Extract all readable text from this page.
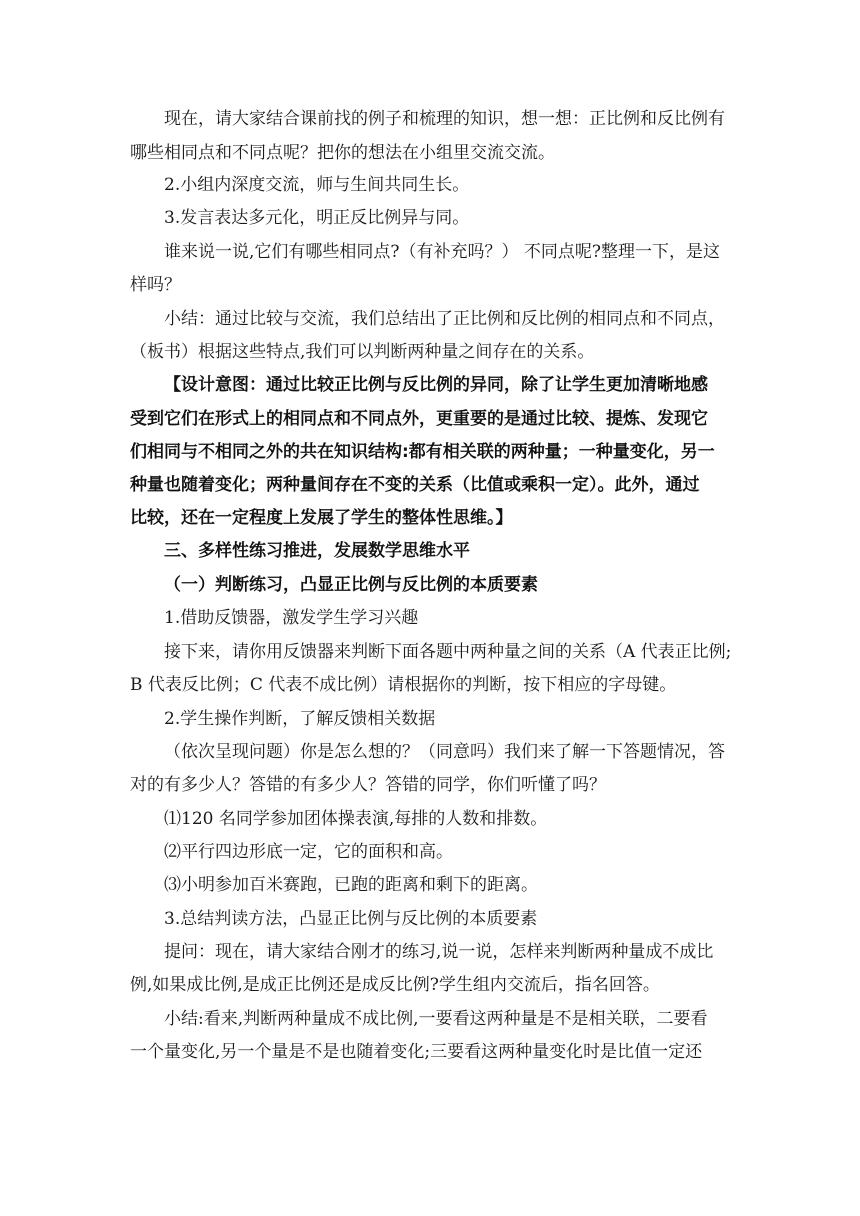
现在，请大家结合课前找的例子和梳理的知识，想一想：正比例和反比例有
哪些相同点和不同点呢？把你的想法在小组里交流交流。
2.小组内深度交流，师与生间共同生长。
3.发言表达多元化，明正反比例异与同。
谁来说一说,它们有哪些相同点?（有补充吗？） 不同点呢?整理一下，是这
样吗？
小结：通过比较与交流，我们总结出了正比例和反比例的相同点和不同点，
（板书）根据这些特点,我们可以判断两种量之间存在的关系。
【设计意图：通过比较正比例与反比例的异同，除了让学生更加清晰地感
受到它们在形式上的相同点和不同点外，更重要的是通过比较、提炼、发现它
们相同与不相同之外的共在知识结构:都有相关联的两种量；一种量变化，另一
种量也随着变化；两种量间存在不变的关系（比值或乘积一定）。此外，通过
比较，还在一定程度上发展了学生的整体性思维。】
三、多样性练习推进，发展数学思维水平
（一）判断练习，凸显正比例与反比例的本质要素
1.借助反馈器，激发学生学习兴趣
接下来，请你用反馈器来判断下面各题中两种量之间的关系（A 代表正比例;
B 代表反比例；C 代表不成比例）请根据你的判断，按下相应的字母键。
2.学生操作判断，了解反馈相关数据
（依次呈现问题）你是怎么想的？（同意吗）我们来了解一下答题情况，答
对的有多少人？答错的有多少人？答错的同学，你们听懂了吗？
⑴120 名同学参加团体操表演,每排的人数和排数。
⑵平行四边形底一定，它的面积和高。
⑶小明参加百米赛跑，已跑的距离和剩下的距离。
3.总结判读方法，凸显正比例与反比例的本质要素
提问：现在，请大家结合刚才的练习,说一说，怎样来判断两种量成不成比
例,如果成比例,是成正比例还是成反比例?学生组内交流后，指名回答。
小结:看来,判断两种量成不成比例,一要看这两种量是不是相关联，二要看
一个量变化,另一个量是不是也随着变化;三要看这两种量变化时是比值一定还
